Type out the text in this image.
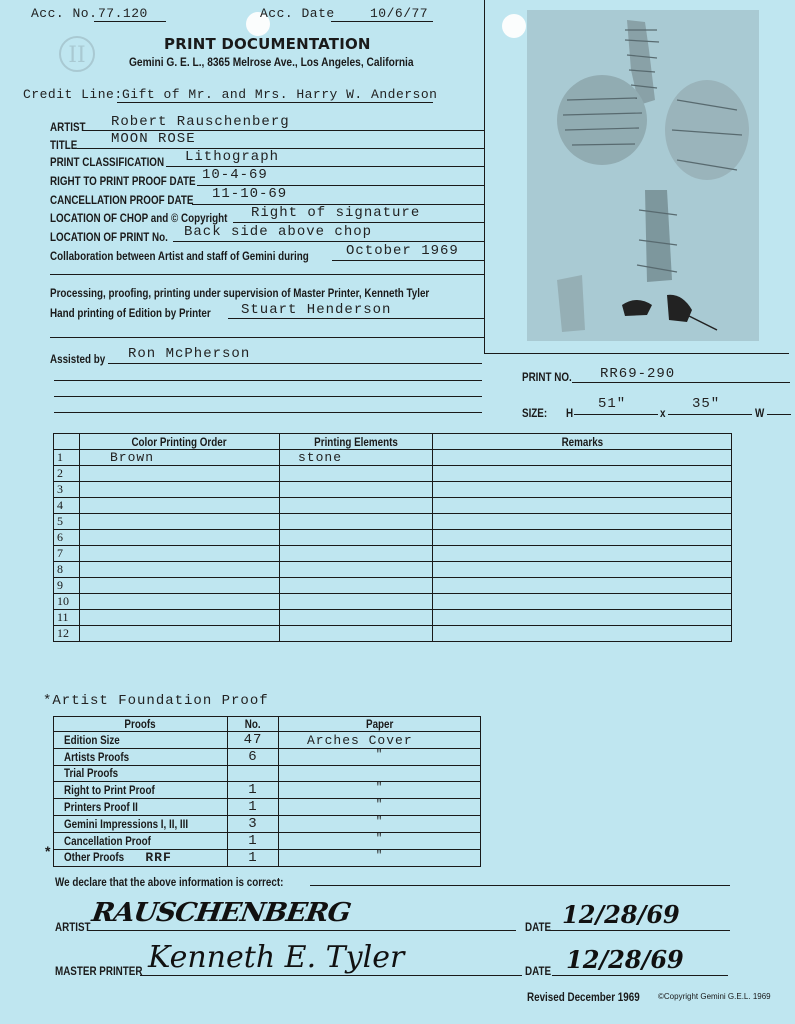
Acc. No. 77.120	Acc. Date	10/6/77
II	PRINT DOCUMENTATION
Gemini G. E. L., 8365 Melrose Ave., Los Angeles, California
Credit Line: Gift of Mr. and Mrs. Harry W. Anderson
ARTIST Robert Rauschenberg
TITLE MOON ROSE
PRINT CLASSIFICATION Lithograph
RIGHT TO PRINT PROOF DATE 10-4-69
CANCELLATION PROOF DATE 11-10-69
LOCATION OF CHOP and © Copyright Right of signature
LOCATION OF PRINT No. Back side above chop
Collaboration between Artist and staff of Gemini during	October 1969
Processing, proofing, printing under supervision of Master Printer, Kenneth Tyler
Hand printing of Edition by Printer Stuart Henderson
Assisted by Ron McPherson
PRINT NO. RR69-290
SIZE: H
51"
x
35"
W
	Color Printing Order	Printing Elements	Remarks
1	Brown	stone	
2			
3			
4			
5			
6			
7			
8			
9			
10			
11			
12			
*Artist Foundation Proof
Proofs	No.	Paper
Edition Size	47	Arches Cover
Artists Proofs	6	"
Trial Proofs		
Right to Print Proof	1	"
Printers Proof II	1	"
Gemini Impressions I, II, III	3	"
Cancellation Proof	1	"
Other Proofs RRF	1	"
*
We declare that the above information is correct:
ARTIST RAUSCHENBERG	DATE 12/28/69
MASTER PRINTER Kenneth E. Tyler	DATE 12/28/69
Revised December 1969 ©Copyright Gemini G.E.L. 1969
